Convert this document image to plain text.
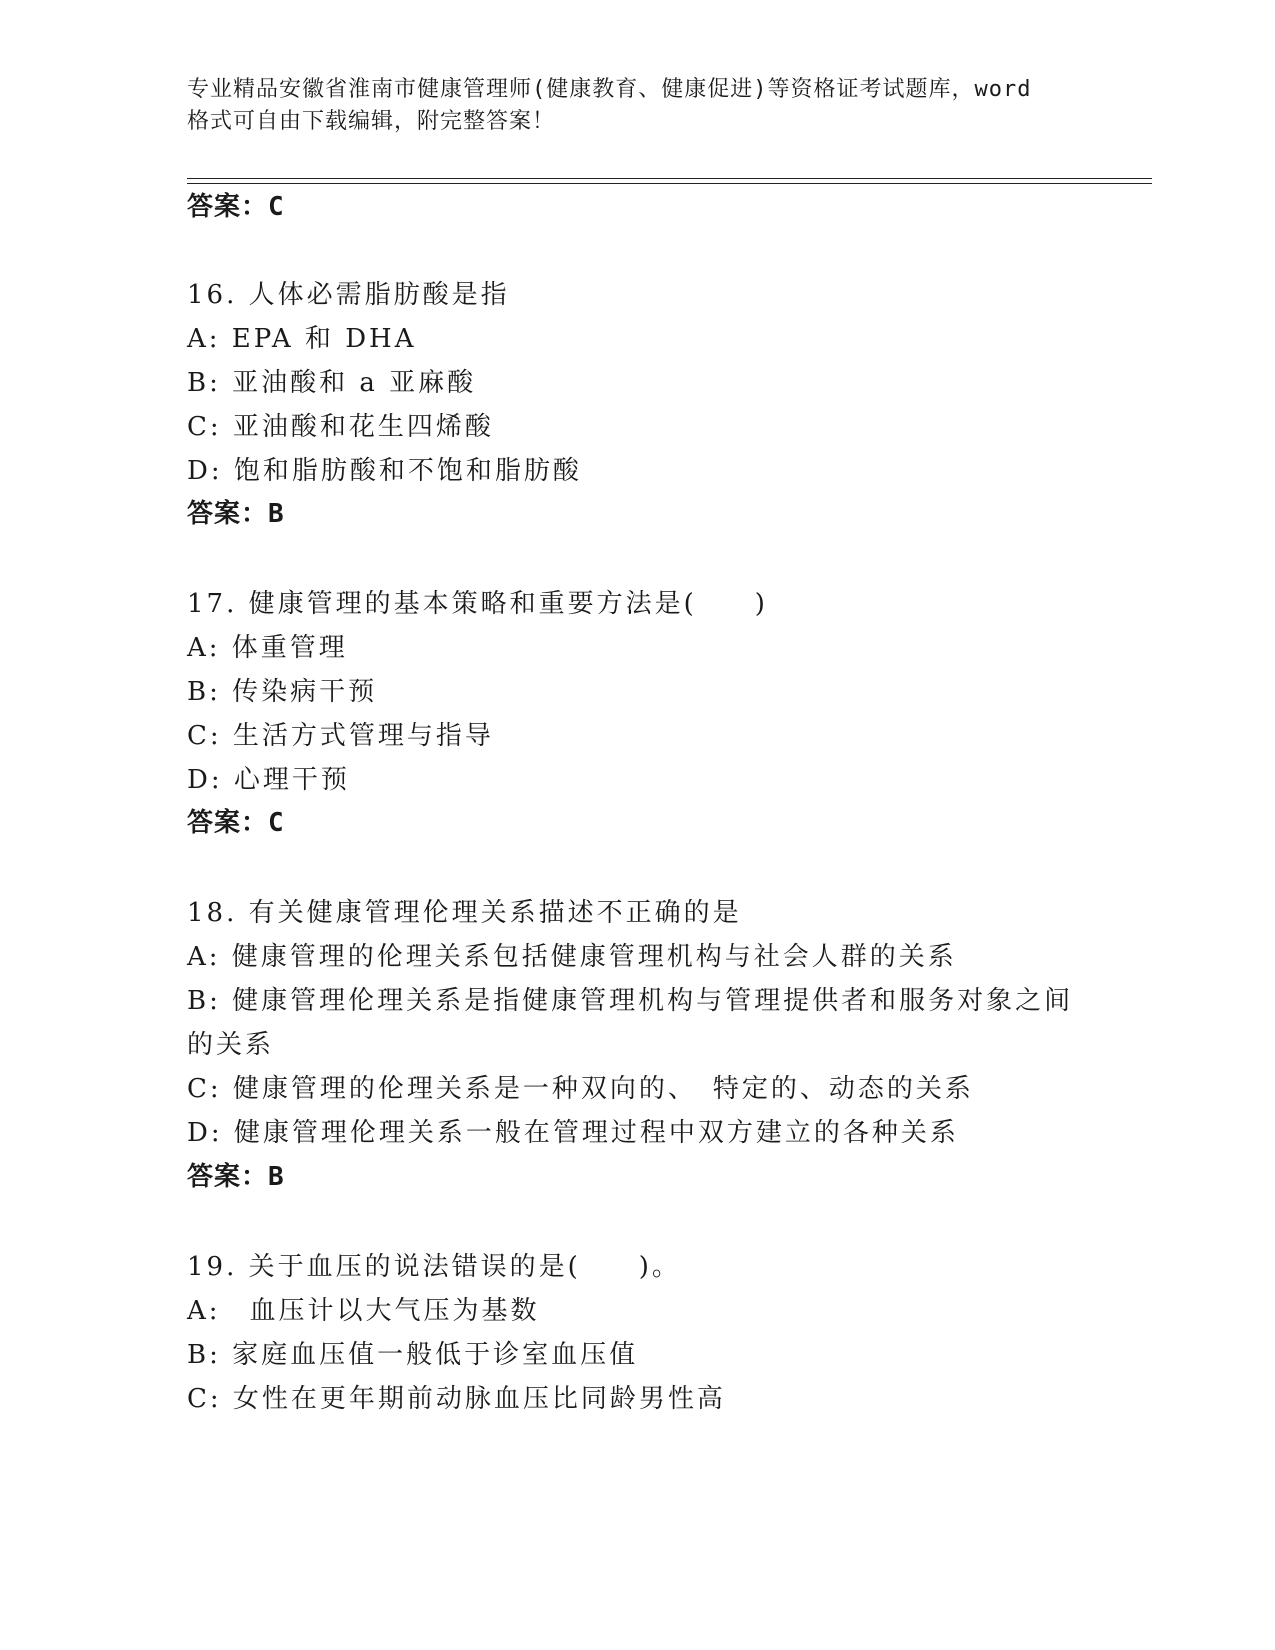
专业精品安徽省淮南市健康管理师(健康教育、健康促进)等资格证考试题库，word
格式可自由下载编辑，附完整答案！
答案：C
16. 人体必需脂肪酸是指
A: EPA 和 DHA
B: 亚油酸和 a 亚麻酸
C: 亚油酸和花生四烯酸
D: 饱和脂肪酸和不饱和脂肪酸
答案：B
17. 健康管理的基本策略和重要方法是(　　)
A: 体重管理
B: 传染病干预
C: 生活方式管理与指导
D: 心理干预
答案：C
18. 有关健康管理伦理关系描述不正确的是
A: 健康管理的伦理关系包括健康管理机构与社会人群的关系
B: 健康管理伦理关系是指健康管理机构与管理提供者和服务对象之间
的关系
C: 健康管理的伦理关系是一种双向的、　特定的、动态的关系
D: 健康管理伦理关系一般在管理过程中双方建立的各种关系
答案：B
19. 关于血压的说法错误的是(　　)。
A:　血压计以大气压为基数
B: 家庭血压值一般低于诊室血压值
C: 女性在更年期前动脉血压比同龄男性高
